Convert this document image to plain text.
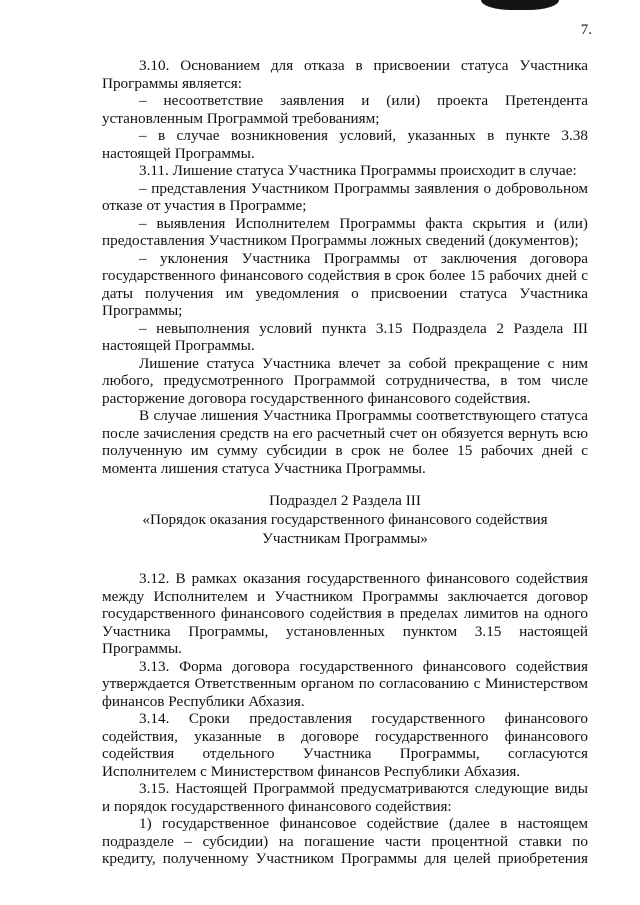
7.

3.10. Основанием для отказа в присвоении статуса Участника Программы является:

– несоответствие заявления и (или) проекта Претендента установленным Программой требованиям;

– в случае возникновения условий, указанных в пункте 3.38 настоящей Программы.

3.11. Лишение статуса Участника Программы происходит в случае:

– представления Участником Программы заявления о добровольном отказе от участия в Программе;

– выявления Исполнителем Программы факта скрытия и (или) предоставления Участником Программы ложных сведений (документов);

– уклонения Участника Программы от заключения договора государственного финансового содействия в срок более 15 рабочих дней с даты получения им уведомления о присвоении статуса Участника Программы;

– невыполнения условий пункта 3.15 Подраздела 2 Раздела III настоящей Программы.

Лишение статуса Участника влечет за собой прекращение с ним любого, предусмотренного Программой сотрудничества, в том числе расторжение договора государственного финансового содействия.

В случае лишения Участника Программы соответствующего статуса после зачисления средств на его расчетный счет он обязуется вернуть всю полученную им сумму субсидии в срок не более 15 рабочих дней с момента лишения статуса Участника Программы.

Подраздел 2 Раздела III
«Порядок оказания государственного финансового содействия
Участникам Программы»

3.12. В рамках оказания государственного финансового содействия между Исполнителем и Участником Программы заключается договор государственного финансового содействия в пределах лимитов на одного Участника Программы, установленных пунктом 3.15 настоящей Программы.

3.13. Форма договора государственного финансового содействия утверждается Ответственным органом по согласованию с Министерством финансов Республики Абхазия.

3.14. Сроки предоставления государственного финансового содействия, указанные в договоре государственного финансового содействия отдельного Участника Программы, согласуются Исполнителем с Министерством финансов Республики Абхазия.

3.15. Настоящей Программой предусматриваются следующие виды и порядок государственного финансового содействия:

1) государственное финансовое содействие (далее в настоящем подразделе – субсидии) на погашение части процентной ставки по кредиту, полученному Участником Программы для целей приобретения
